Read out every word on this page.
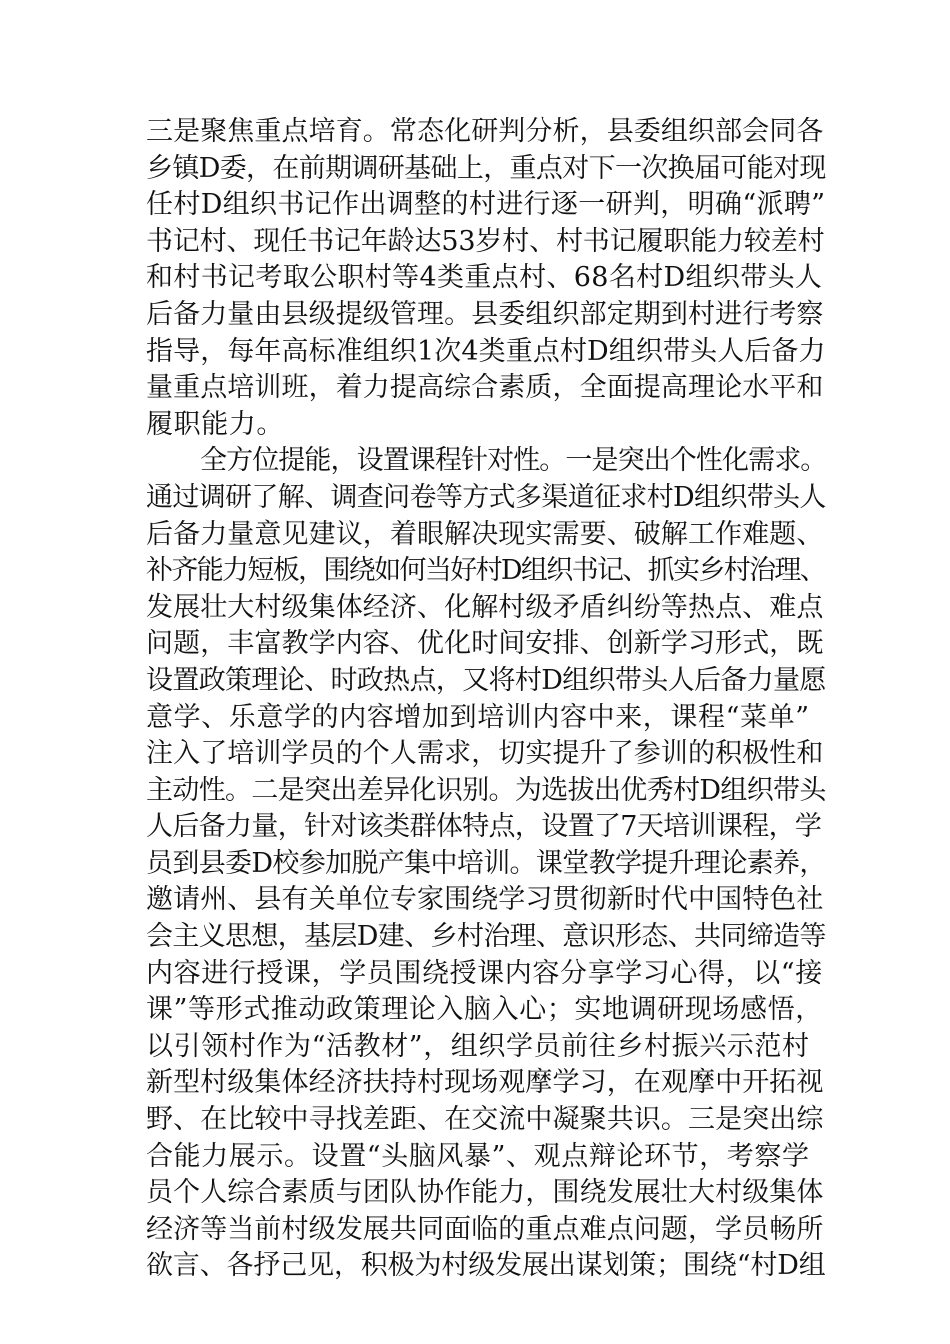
三是聚焦重点培育。常态化研判分析，县委组织部会同各
乡镇D委，在前期调研基础上，重点对下一次换届可能对现
任村D组织书记作出调整的村进行逐一研判，明确“派聘”
书记村、现任书记年龄达53岁村、村书记履职能力较差村
和村书记考取公职村等4类重点村、68名村D组织带头人
后备力量由县级提级管理。县委组织部定期到村进行考察
指导，每年高标准组织1次4类重点村D组织带头人后备力
量重点培训班，着力提高综合素质，全面提高理论水平和
履职能力。
全方位提能，设置课程针对性。一是突出个性化需求。
通过调研了解、调查问卷等方式多渠道征求村D组织带头人
后备力量意见建议，着眼解决现实需要、破解工作难题、
补齐能力短板，围绕如何当好村D组织书记、抓实乡村治理、
发展壮大村级集体经济、化解村级矛盾纠纷等热点、难点
问题，丰富教学内容、优化时间安排、创新学习形式，既
设置政策理论、时政热点，又将村D组织带头人后备力量愿
意学、乐意学的内容增加到培训内容中来，课程“菜单”
注入了培训学员的个人需求，切实提升了参训的积极性和
主动性。二是突出差异化识别。为选拔出优秀村D组织带头
人后备力量，针对该类群体特点，设置了7天培训课程，学
员到县委D校参加脱产集中培训。课堂教学提升理论素养，
邀请州、县有关单位专家围绕学习贯彻新时代中国特色社
会主义思想，基层D建、乡村治理、意识形态、共同缔造等
内容进行授课，学员围绕授课内容分享学习心得，以“接
课”等形式推动政策理论入脑入心；实地调研现场感悟，
以引领村作为“活教材”，组织学员前往乡村振兴示范村
新型村级集体经济扶持村现场观摩学习，在观摩中开拓视
野、在比较中寻找差距、在交流中凝聚共识。三是突出综
合能力展示。设置“头脑风暴”、观点辩论环节，考察学
员个人综合素质与团队协作能力，围绕发展壮大村级集体
经济等当前村级发展共同面临的重点难点问题，学员畅所
欲言、各抒己见，积极为村级发展出谋划策；围绕“村D组
